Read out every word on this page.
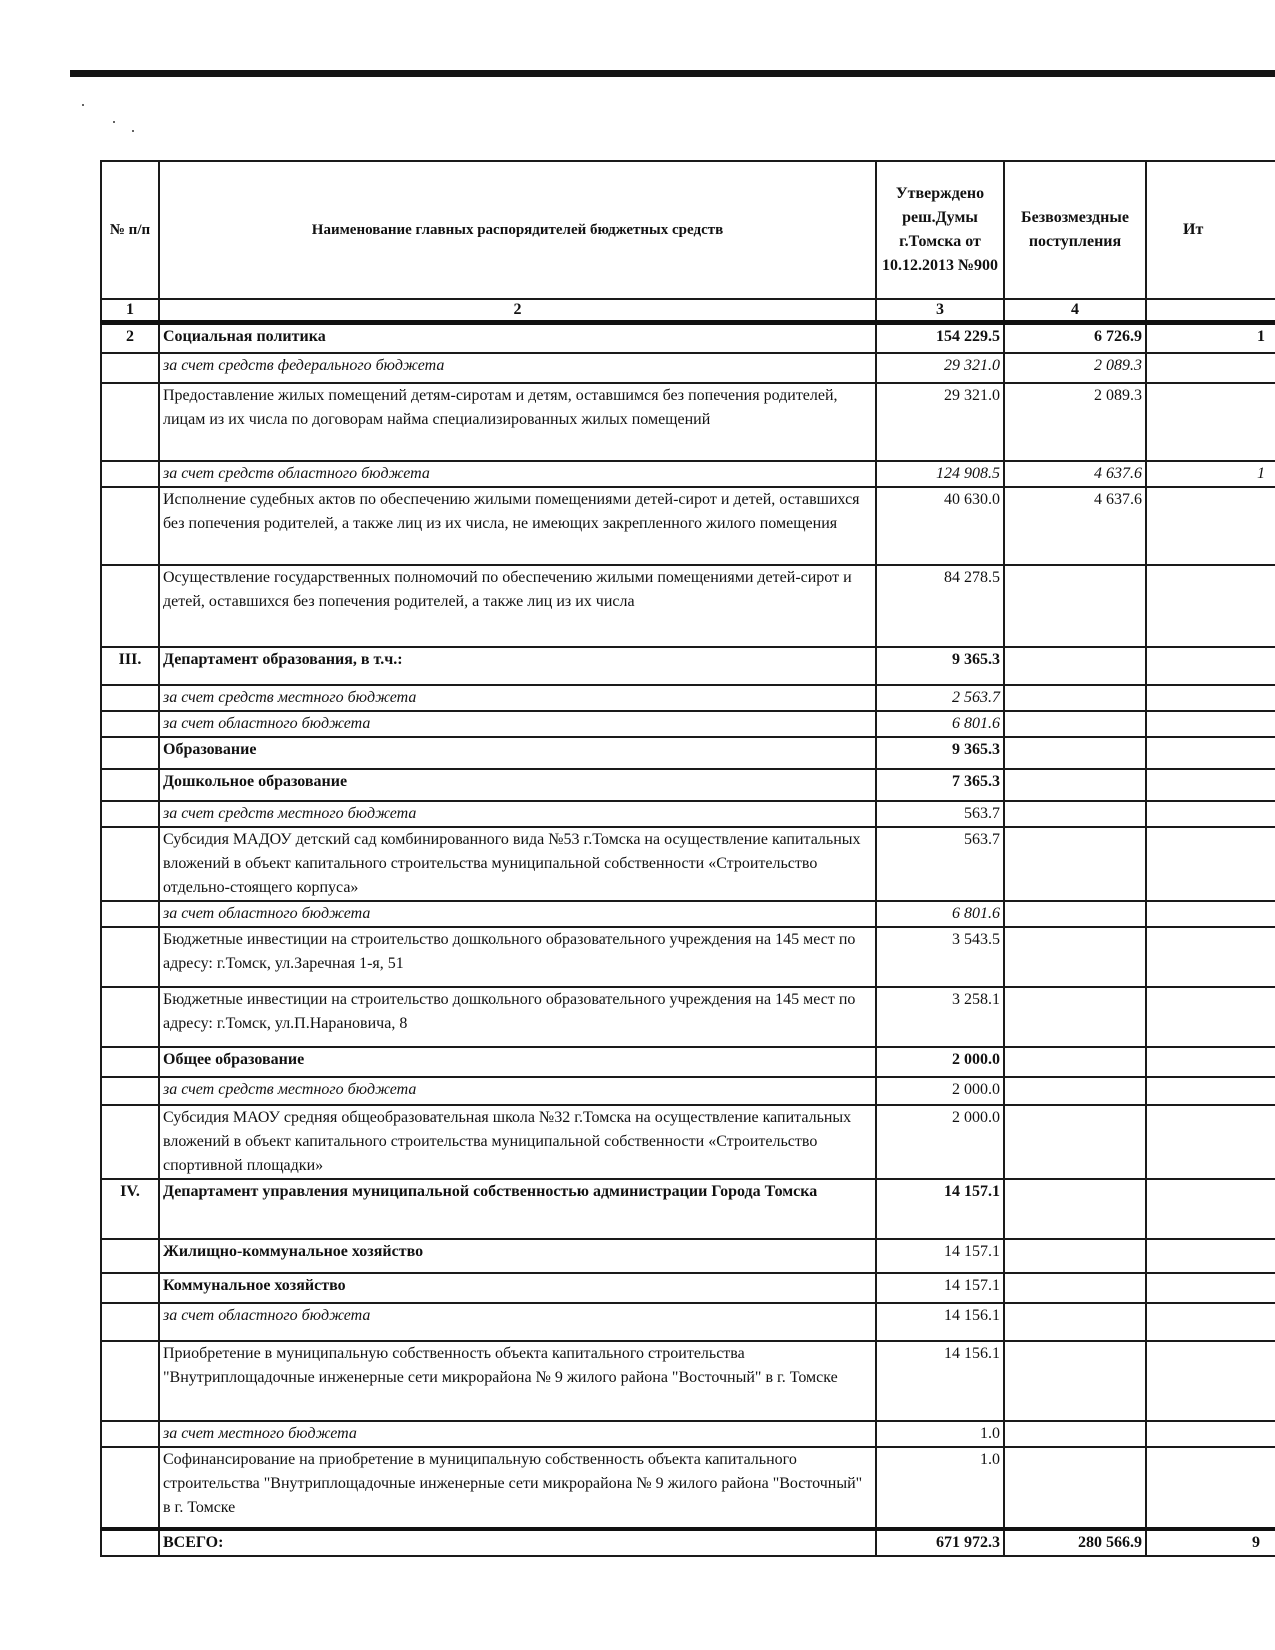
№ п/п	Наименование главных распорядителей бюджетных средств	Утверждено реш.Думы г.Томска от 10.12.2013 №900	Безвозмездные поступления	Ит
1	2	3	4	
2	Социальная политика	154 229.5	6 726.9	1
	за счет средств федерального бюджета	29 321.0	2 089.3	
	Предоставление жилых помещений детям-сиротам и детям, оставшимся без попечения родителей, лицам из их числа по договорам найма специализированных жилых помещений	29 321.0	2 089.3	
	за счет средств областного бюджета	124 908.5	4 637.6	1
	Исполнение судебных актов по обеспечению жилыми помещениями детей-сирот и детей, оставшихся без попечения родителей, а также лиц из их числа, не имеющих закрепленного жилого помещения	40 630.0	4 637.6	
	Осуществление государственных полномочий по обеспечению жилыми помещениями детей-сирот и детей, оставшихся без попечения родителей, а также лиц из их числа	84 278.5		
III.	Департамент образования, в т.ч.:	9 365.3		
	за счет средств местного бюджета	2 563.7		
	за счет областного бюджета	6 801.6		
	Образование	9 365.3		
	Дошкольное образование	7 365.3		
	за счет средств местного бюджета	563.7		
	Субсидия МАДОУ детский сад комбинированного вида №53 г.Томска на осуществление капитальных вложений в объект капитального строительства муниципальной собственности «Строительство отдельно-стоящего корпуса»	563.7		
	за счет областного бюджета	6 801.6		
	Бюджетные инвестиции на строительство дошкольного образовательного учреждения на 145 мест по адресу: г.Томск, ул.Заречная 1-я, 51	3 543.5		
	Бюджетные инвестиции на строительство дошкольного образовательного учреждения на 145 мест по адресу: г.Томск, ул.П.Нарановича, 8	3 258.1		
	Общее образование	2 000.0		
	за счет средств местного бюджета	2 000.0		
	Субсидия МАОУ средняя общеобразовательная школа №32 г.Томска на осуществление капитальных вложений в объект капитального строительства муниципальной собственности «Строительство спортивной площадки»	2 000.0		
IV.	Департамент управления муниципальной собственностью администрации Города Томска	14 157.1		
	Жилищно-коммунальное хозяйство	14 157.1		
	Коммунальное хозяйство	14 157.1		
	за счет областного бюджета	14 156.1		
	Приобретение в муниципальную собственность объекта капитального строительства "Внутриплощадочные инженерные сети микрорайона № 9 жилого района "Восточный" в г. Томске	14 156.1		
	за счет местного бюджета	1.0		
	Софинансирование на приобретение в муниципальную собственность объекта капитального строительства "Внутриплощадочные инженерные сети микрорайона № 9 жилого района "Восточный" в г. Томске	1.0		
	ВСЕГО:	671 972.3	280 566.9	9
